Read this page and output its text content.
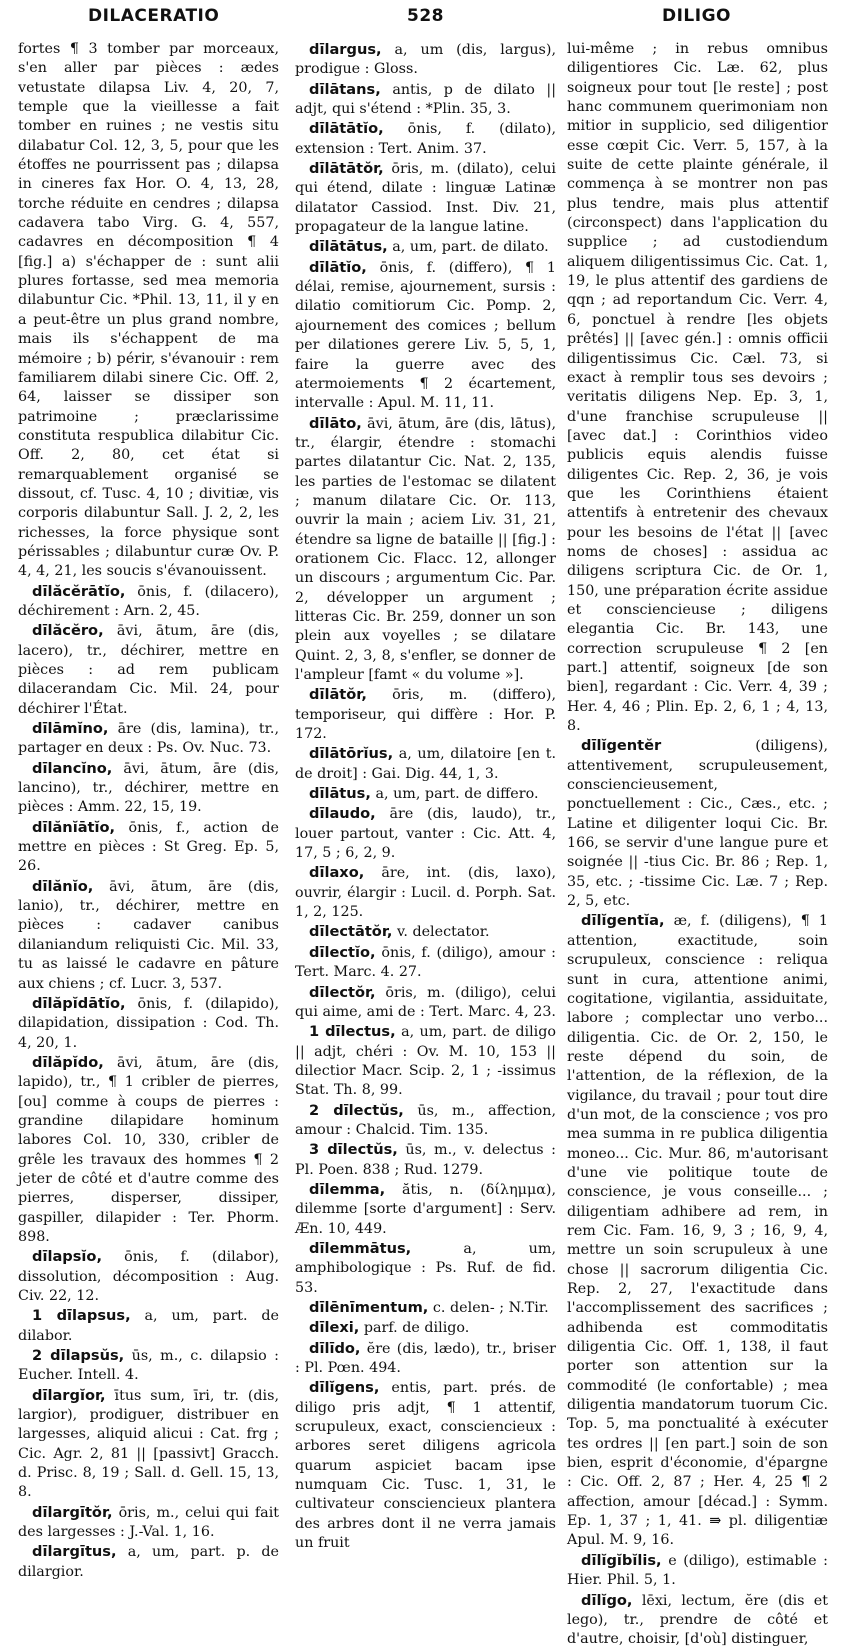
DILACERATIO	528	DILIGO

fortes ¶ 3 tomber par morceaux, s'en aller par pièces : ædes vetustate dilapsa Liv. 4, 20, 7, temple que la vieillesse a fait tomber en ruines ; ne vestis situ dilabatur Col. 12, 3, 5, pour que les étoffes ne pourrissent pas ; dilapsa in cineres fax Hor. O. 4, 13, 28, torche réduite en cendres ; dilapsa cadavera tabo Virg. G. 4, 557, cadavres en décomposition ¶ 4 [fig.] a) s'échapper de : sunt alii plures fortasse, sed mea memoria dilabuntur Cic. *Phil. 13, 11, il y en a peut-être un plus grand nombre, mais ils s'échappent de ma mémoire ; b) périr, s'évanouir : rem familiarem dilabi sinere Cic. Off. 2, 64, laisser se dissiper son patrimoine ; præclarissime constituta respublica dilabitur Cic. Off. 2, 80, cet état si remarquablement organisé se dissout, cf. Tusc. 4, 10 ; divitiæ, vis corporis dilabuntur Sall. J. 2, 2, les richesses, la force physique sont périssables ; dilabuntur curæ Ov. P. 4, 4, 21, les soucis s'évanouissent.

dīlăcĕrātĭo, ōnis, f. (dilacero), déchirement : Arn. 2, 45.

dīlăcĕro, āvi, ātum, āre (dis, lacero), tr., déchirer, mettre en pièces : ad rem publicam dilacerandam Cic. Mil. 24, pour déchirer l'État.

dīlāmĭno, āre (dis, lamina), tr., partager en deux : Ps. Ov. Nuc. 73.

dīlancĭno, āvi, ātum, āre (dis, lancino), tr., déchirer, mettre en pièces : Amm. 22, 15, 19.

dīlănĭātĭo, ōnis, f., action de mettre en pièces : St Greg. Ep. 5, 26.

dīlănĭo, āvi, ātum, āre (dis, lanio), tr., déchirer, mettre en pièces : cadaver canibus dilaniandum reliquisti Cic. Mil. 33, tu as laissé le cadavre en pâture aux chiens ; cf. Lucr. 3, 537.

dīlăpĭdātĭo, ōnis, f. (dilapido), dilapidation, dissipation : Cod. Th. 4, 20, 1.

dīlăpĭdo, āvi, ātum, āre (dis, lapido), tr., ¶ 1 cribler de pierres, [ou] comme à coups de pierres : grandine dilapidare hominum labores Col. 10, 330, cribler de grêle les travaux des hommes ¶ 2 jeter de côté et d'autre comme des pierres, disperser, dissiper, gaspiller, dilapider : Ter. Phorm. 898.

dīlapsĭo, ōnis, f. (dilabor), dissolution, décomposition : Aug. Civ. 22, 12.

1 dīlapsus, a, um, part. de dilabor.

2 dīlapsŭs, ūs, m., c. dilapsio : Eucher. Intell. 4.

dīlargĭor, ītus sum, īri, tr. (dis, largior), prodiguer, distribuer en largesses, aliquid alicui : Cat. frg ; Cic. Agr. 2, 81 || [passivt] Gracch. d. Prisc. 8, 19 ; Sall. d. Gell. 15, 13, 8.

dīlargītŏr, ōris, m., celui qui fait des largesses : J.-Val. 1, 16.

dīlargītus, a, um, part. p. de dilargior.

dīlargus, a, um (dis, largus), prodigue : Gloss.

dīlātans, antis, p de dilato || adjt, qui s'étend : *Plin. 35, 3.

dīlātātĭo, ōnis, f. (dilato), extension : Tert. Anim. 37.

dīlātātŏr, ōris, m. (dilato), celui qui étend, dilate : linguæ Latinæ dilatator Cassiod. Inst. Div. 21, propagateur de la langue latine.

dīlātātus, a, um, part. de dilato.

dīlātĭo, ōnis, f. (differo), ¶ 1 délai, remise, ajournement, sursis : dilatio comitiorum Cic. Pomp. 2, ajournement des comices ; bellum per dilationes gerere Liv. 5, 5, 1, faire la guerre avec des atermoiements ¶ 2 écartement, intervalle : Apul. M. 11, 11.

dīlāto, āvi, ātum, āre (dis, lātus), tr., élargir, étendre : stomachi partes dilatantur Cic. Nat. 2, 135, les parties de l'estomac se dilatent ; manum dilatare Cic. Or. 113, ouvrir la main ; aciem Liv. 31, 21, étendre sa ligne de bataille || [fig.] : orationem Cic. Flacc. 12, allonger un discours ; argumentum Cic. Par. 2, développer un argument ; litteras Cic. Br. 259, donner un son plein aux voyelles ; se dilatare Quint. 2, 3, 8, s'enfler, se donner de l'ampleur [famt « du volume »].

dīlātŏr, ōris, m. (differo), temporiseur, qui diffère : Hor. P. 172.

dīlātōrĭus, a, um, dilatoire [en t. de droit] : Gai. Dig. 44, 1, 3.

dīlātus, a, um, part. de differo.

dīlaudo, āre (dis, laudo), tr., louer partout, vanter : Cic. Att. 4, 17, 5 ; 6, 2, 9.

dīlaxo, āre, int. (dis, laxo), ouvrir, élargir : Lucil. d. Porph. Sat. 1, 2, 125.

dīlectātŏr, v. delectator.

dīlectĭo, ōnis, f. (diligo), amour : Tert. Marc. 4. 27.

dīlectŏr, ōris, m. (diligo), celui qui aime, ami de : Tert. Marc. 4, 23.

1 dīlectus, a, um, part. de diligo || adjt, chéri : Ov. M. 10, 153 || dilectior Macr. Scip. 2, 1 ; -issimus Stat. Th. 8, 99.

2 dīlectŭs, ūs, m., affection, amour : Chalcid. Tim. 135.

3 dīlectŭs, ūs, m., v. delectus : Pl. Poen. 838 ; Rud. 1279.

dīlemma, ătis, n. (δίλημμα), dilemme [sorte d'argument] : Serv. Æn. 10, 449.

dīlemmātus,	a, um, amphibologique : Ps. Ruf. de fid. 53.

dīlēnīmentum, c. delen- ; N.Tir.

dīlexi, parf. de diligo.

dīlīdo, ĕre (dis, lædo), tr., briser : Pl. Pœn. 494.

dīlĭgens, entis, part. prés. de diligo pris adjt, ¶ 1 attentif, scrupuleux, exact, consciencieux : arbores seret diligens agricola quarum aspiciet bacam ipse numquam Cic. Tusc. 1, 31, le cultivateur consciencieux plantera des arbres dont il ne verra jamais un fruit

lui-même ; in rebus omnibus diligentiores Cic. Læ. 62, plus soigneux pour tout [le reste] ; post hanc communem querimoniam non mitior in supplicio, sed diligentior esse cœpit Cic. Verr. 5, 157, à la suite de cette plainte générale, il commença à se montrer non pas plus tendre, mais plus attentif (circonspect) dans l'application du supplice ; ad custodiendum aliquem diligentissimus Cic. Cat. 1, 19, le plus attentif des gardiens de qqn ; ad reportandum Cic. Verr. 4, 6, ponctuel à rendre [les objets prêtés] || [avec gén.] : omnis officii diligentissimus Cic. Cæl. 73, si exact à remplir tous ses devoirs ; veritatis diligens Nep. Ep. 3, 1, d'une franchise scrupuleuse || [avec dat.] : Corinthios video publicis equis alendis fuisse diligentes Cic. Rep. 2, 36, je vois que les Corinthiens étaient attentifs à entretenir des chevaux pour les besoins de l'état || [avec noms de choses] : assidua ac diligens scriptura Cic. de Or. 1, 150, une préparation écrite assidue et consciencieuse ; diligens elegantia Cic. Br. 143, une correction scrupuleuse ¶ 2 [en part.] attentif, soigneux [de son bien], regardant : Cic. Verr. 4, 39 ; Her. 4, 46 ; Plin. Ep. 2, 6, 1 ; 4, 13, 8.

dīlĭgentĕr	(diligens), attentivement, scrupuleusement, consciencieusement, ponctuellement : Cic., Cæs., etc. ; Latine et diligenter loqui Cic. Br. 166, se servir d'une langue pure et soignée || -tius Cic. Br. 86 ; Rep. 1, 35, etc. ; -tissime Cic. Læ. 7 ; Rep. 2, 5, etc.

dīlĭgentĭa, æ, f. (diligens), ¶ 1 attention, exactitude, soin scrupuleux, conscience : reliqua sunt in cura, attentione animi, cogitatione, vigilantia, assiduitate, labore ; complectar uno verbo... diligentia. Cic. de Or. 2, 150, le reste dépend du soin, de l'attention, de la réflexion, de la vigilance, du travail ; pour tout dire d'un mot, de la conscience ; vos pro mea summa in re publica diligentia moneo... Cic. Mur. 86, m'autorisant d'une vie politique toute de conscience, je vous conseille... ; diligentiam adhibere ad rem, in rem Cic. Fam. 16, 9, 3 ; 16, 9, 4, mettre un soin scrupuleux à une chose || sacrorum diligentia Cic. Rep. 2, 27, l'exactitude dans l'accomplissement des sacrifices ; adhibenda est commoditatis diligentia Cic. Off. 1, 138, il faut porter son attention sur la commodité (le confortable) ; mea diligentia mandatorum tuorum Cic. Top. 5, ma ponctualité à exécuter tes ordres || [en part.] soin de son bien, esprit d'économie, d'épargne : Cic. Off. 2, 87 ; Her. 4, 25 ¶ 2 affection, amour [décad.] : Symm. Ep. 1, 37 ; 1, 41. ⇛ pl. diligentiæ Apul. M. 9, 16.

dīlĭgĭbĭlis, e (diligo), estimable : Hier. Phil. 5, 1.

dīlĭgo, lēxi, lectum, ĕre (dis et lego), tr., prendre de côté et d'autre, choisir, [d'où] distinguer,
